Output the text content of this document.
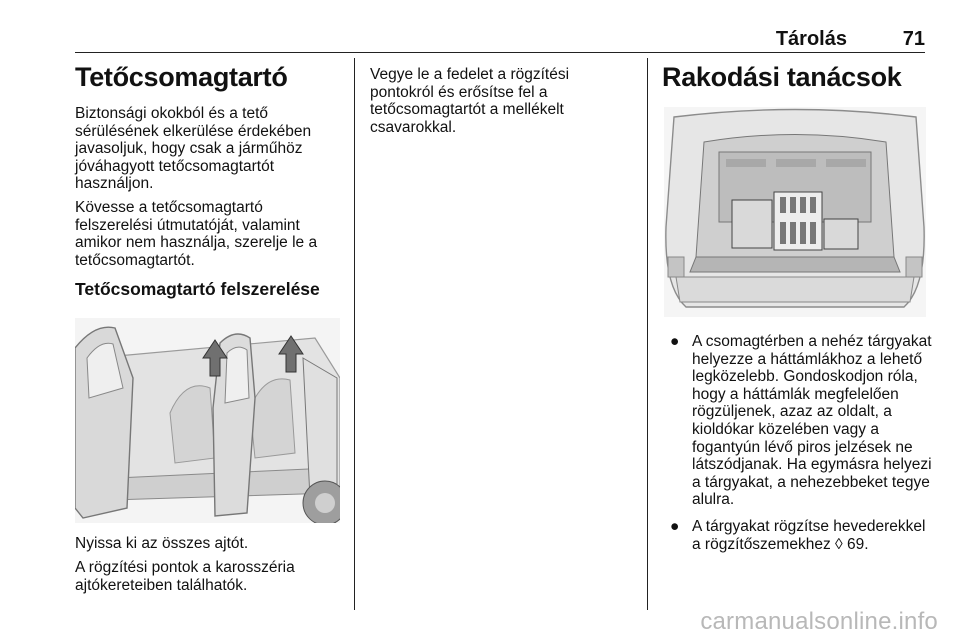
Tárolás	71
Tetőcsomagtartó

Biztonsági okokból és a tető sérülésének elkerülése érdekében javasoljuk, hogy csak a járműhöz jóváhagyott tetőcsomagtartót használjon.

Kövesse a tetőcsomagtartó felszerelési útmutatóját, valamint amikor nem használja, szerelje le a tetőcsomagtartót.

Tetőcsomagtartó felszerelése

Nyissa ki az összes ajtót.

A rögzítési pontok a karosszéria ajtókereteiben találhatók.

Vegye le a fedelet a rögzítési pontokról és erősítse fel a tetőcsomagtartót a mellékelt csavarokkal.

Rakodási tanácsok
● A csomagtérben a nehéz tárgyakat helyezze a háttámlákhoz a lehető legközelebb. Gondoskodjon róla, hogy a háttámlák megfelelően rögzüljenek, azaz az oldalt, a kioldókar közelében vagy a fogantyún lévő piros jelzések ne látszódjanak. Ha egymásra helyezi a tárgyakat, a nehezebbeket tegye alulra.
● A tárgyakat rögzítse hevederekkel a rögzítőszemekhez ◊ 69.
carmanualsonline.info
